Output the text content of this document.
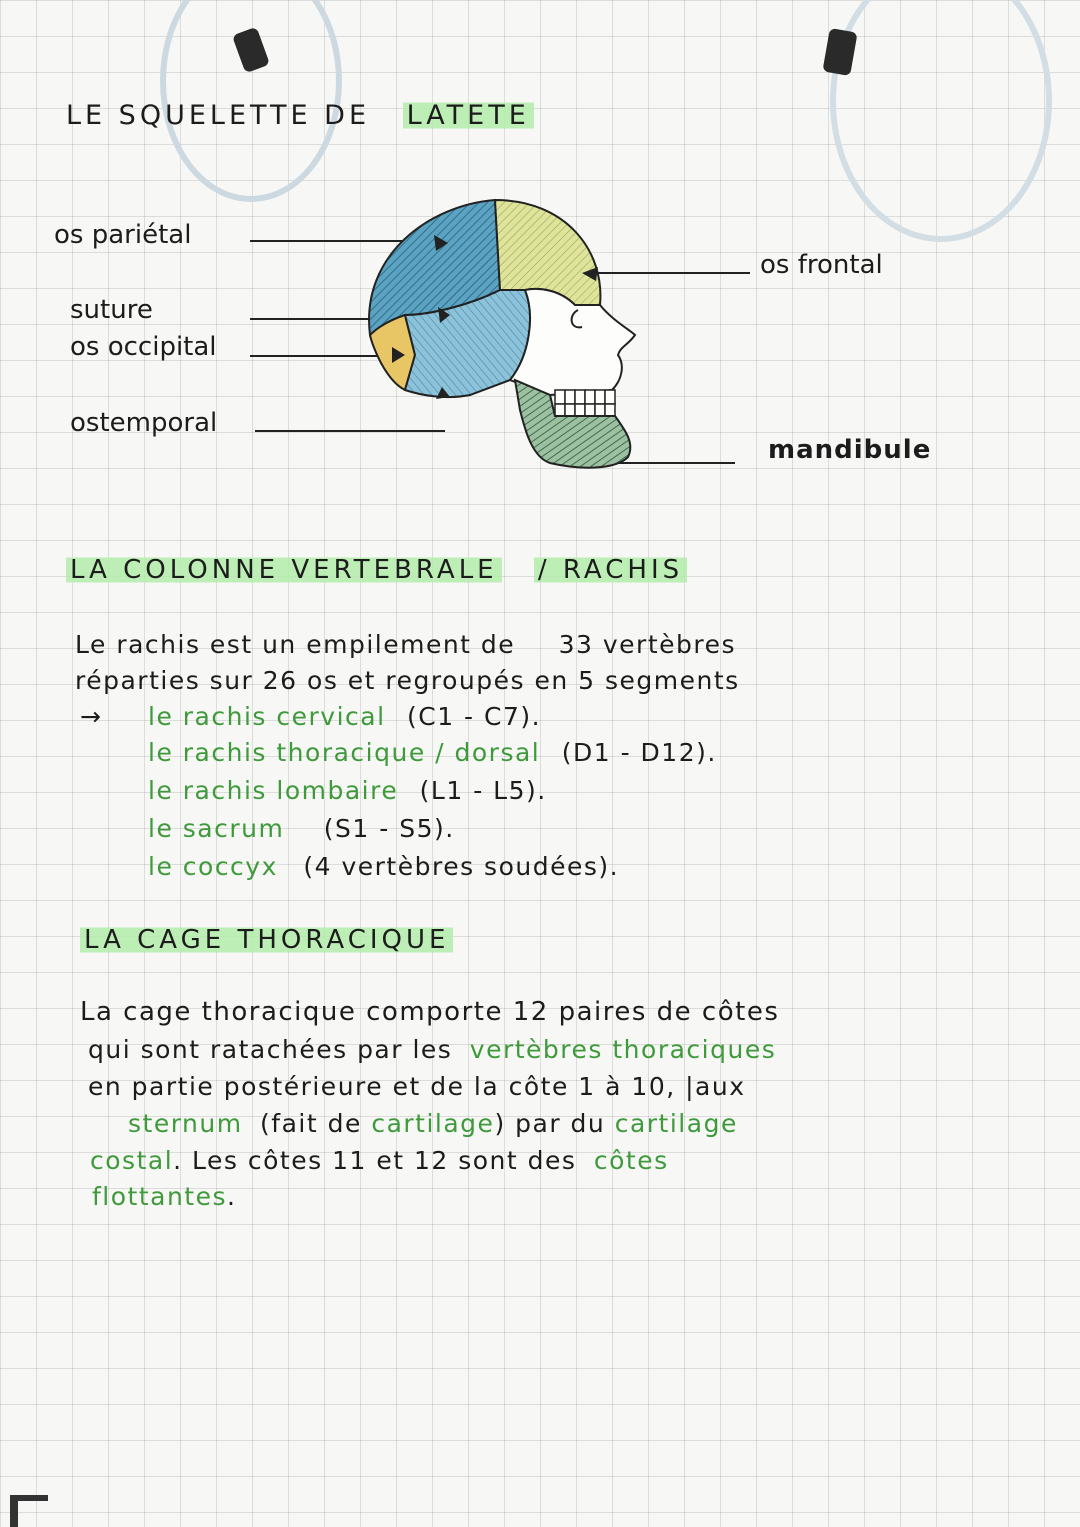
LE SQUELETTE DE LATETE
os pariétal
suture
os occipital
ostemporal
os frontal
mandibule
LA COLONNE VERTEBRALE / RACHIS
Le rachis est un empilement de 33 vertèbres
réparties sur 26 os et regroupés en 5 segments
→ le rachis cervical (C1 - C7).
le rachis thoracique / dorsal (D1 - D12).
le rachis lombaire (L1 - L5).
le sacrum (S1 - S5).
le coccyx (4 vertèbres soudées).
LA CAGE THORACIQUE
La cage thoracique comporte 12 paires de côtes
qui sont ratachées par les vertèbres thoraciques
en partie postérieure et de la côte 1 à 10, |aux
sternum (fait de cartilage) par du cartilage
costal. Les côtes 11 et 12 sont des côtes
flottantes.
